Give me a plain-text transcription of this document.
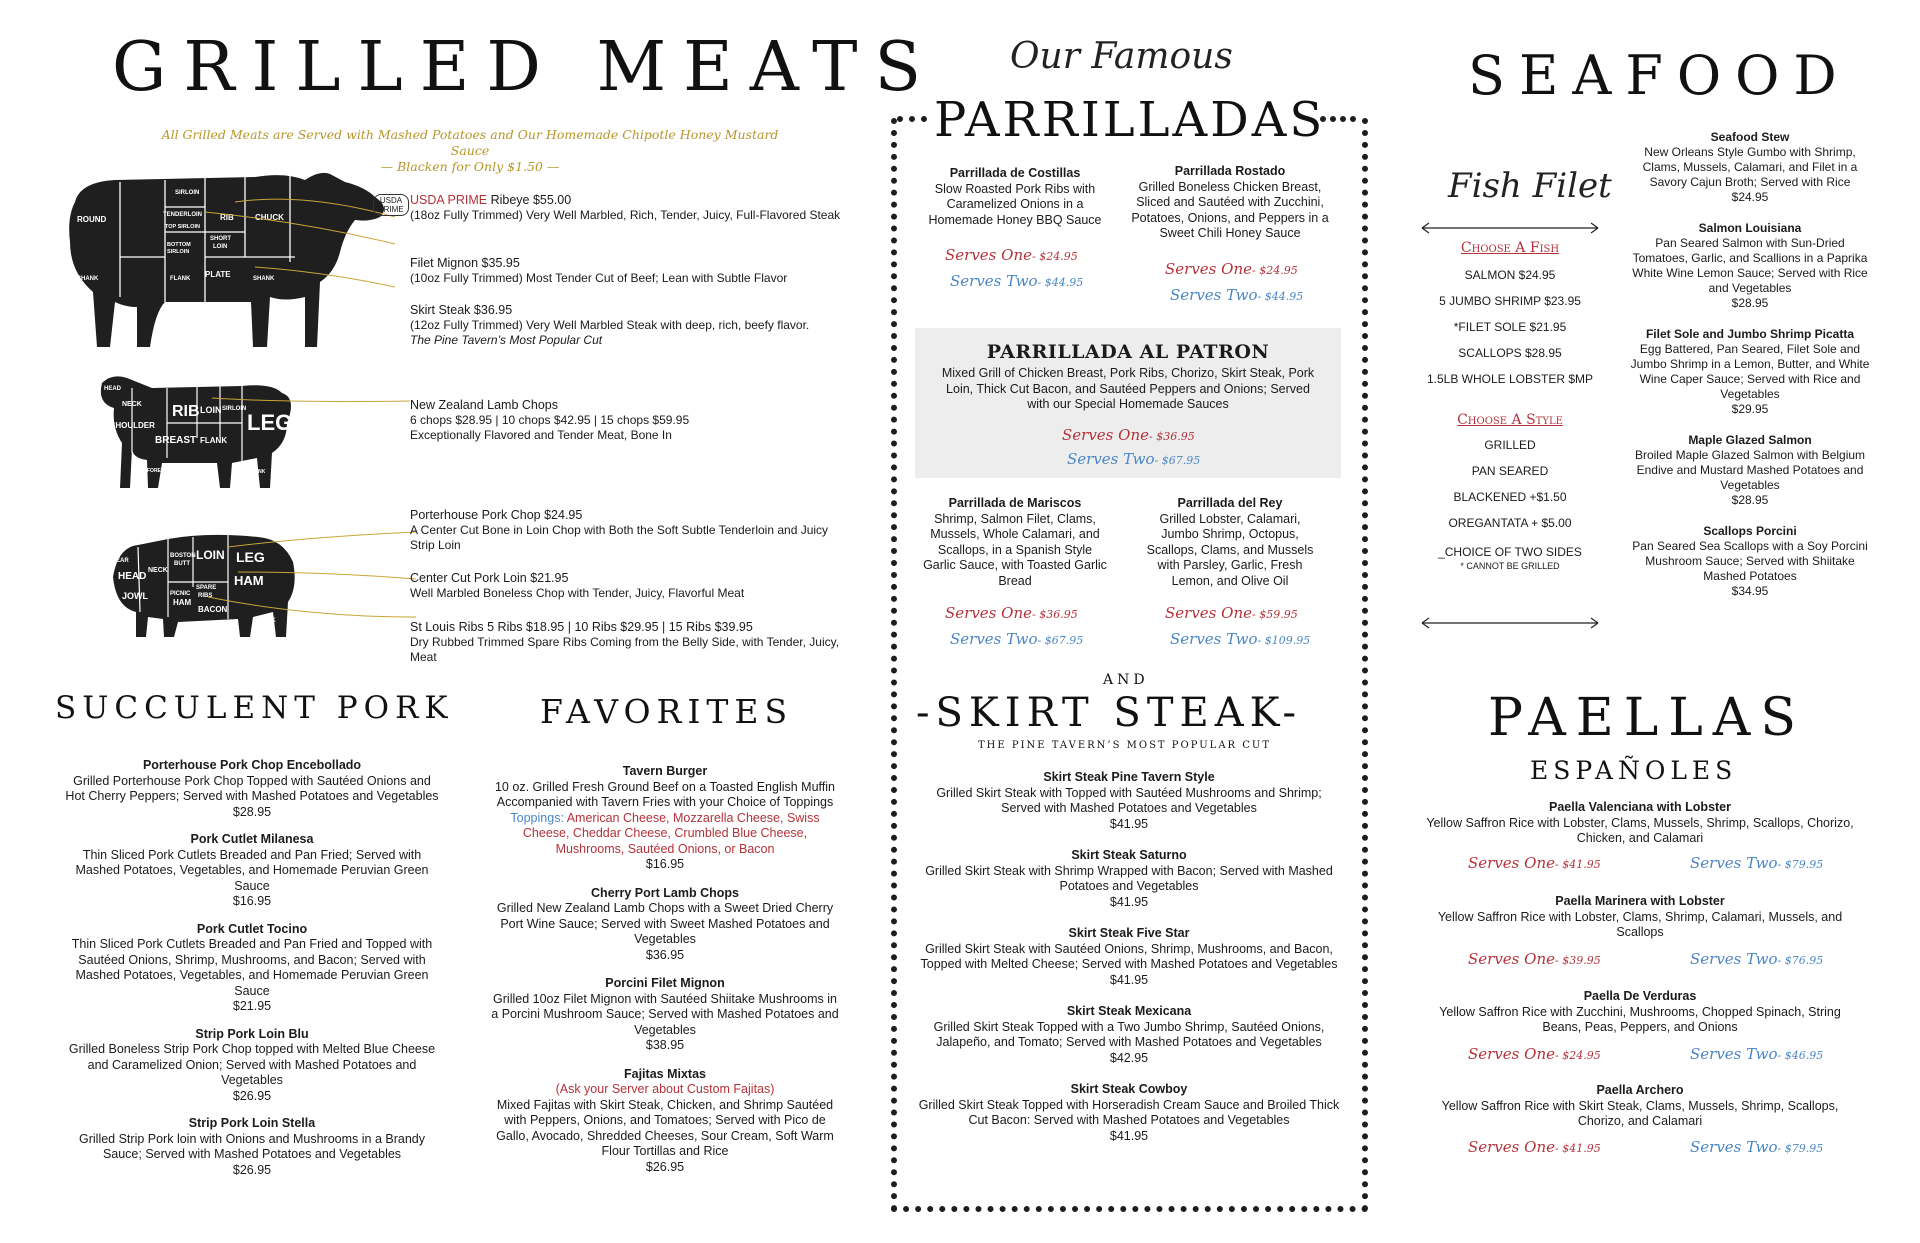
GRILLED MEATS
All Grilled Meats are Served with Mashed Potatoes and Our Homemade Chipotle Honey Mustard Sauce
— Blacken for Only $1.50 —
ROUND
SIRLOIN
TENDERLOIN
TOP SIRLOIN
BOTTOM
SIRLOIN
SHORT
LOIN
RIB	CHUCK
SHANK	FLANK PLATE	SHANK
USDA PRIME
HEAD
NECK
SHOULDER
RIB LOIN SIRLOIN
LEG
BREAST FLANK
FORE SHANK	HIND SHANK
EAR
HEAD
JOWL
NECK
BOSTON
BUTT
PICNIC
HAM
LOIN
SPARE
RIBS
BACON
LEG
HAM
HOCK
USDA PRIME Ribeye $55.00
(18oz Fully Trimmed) Very Well Marbled, Rich, Tender, Juicy, Full-Flavored Steak
Filet Mignon $35.95
(10oz Fully Trimmed) Most Tender Cut of Beef; Lean with Subtle Flavor
Skirt Steak $36.95
(12oz Fully Trimmed) Very Well Marbled Steak with deep, rich, beefy flavor.
The Pine Tavern’s Most Popular Cut
New Zealand Lamb Chops
6 chops $28.95 | 10 chops $42.95 | 15 chops $59.95
Exceptionally Flavored and Tender Meat, Bone In
Porterhouse Pork Chop $24.95
A Center Cut Bone in Loin Chop with Both the Soft Subtle Tenderloin and Juicy Strip Loin
Center Cut Pork Loin $21.95
Well Marbled Boneless Chop with Tender, Juicy, Flavorful Meat
St Louis Ribs 5 Ribs $18.95 | 10 Ribs $29.95 | 15 Ribs $39.95
Dry Rubbed Trimmed Spare Ribs Coming from the Belly Side, with Tender, Juicy, Meat
SUCCULENT PORK
Porterhouse Pork Chop Encebollado
Grilled Porterhouse Pork Chop Topped with Sautéed Onions and Hot Cherry Peppers; Served with Mashed Potatoes and Vegetables
$28.95
Pork Cutlet Milanesa
Thin Sliced Pork Cutlets Breaded and Pan Fried; Served with Mashed Potatoes, Vegetables, and Homemade Peruvian Green Sauce
$16.95
Pork Cutlet Tocino
Thin Sliced Pork Cutlets Breaded and Pan Fried and Topped with Sautéed Onions, Shrimp, Mushrooms, and Bacon; Served with Mashed Potatoes, Vegetables, and Homemade Peruvian Green Sauce
$21.95
Strip Pork Loin Blu
Grilled Boneless Strip Pork Chop topped with Melted Blue Cheese and Caramelized Onion; Served with Mashed Potatoes and Vegetables
$26.95
Strip Pork Loin Stella
Grilled Strip Pork loin with Onions and Mushrooms in a Brandy Sauce; Served with Mashed Potatoes and Vegetables
$26.95
FAVORITES
Tavern Burger
10 oz. Grilled Fresh Ground Beef on a Toasted English Muffin Accompanied with Tavern Fries with your Choice of Toppings
Toppings: American Cheese, Mozzarella Cheese, Swiss Cheese, Cheddar Cheese, Crumbled Blue Cheese, Mushrooms, Sautéed Onions, or Bacon
$16.95
Cherry Port Lamb Chops
Grilled New Zealand Lamb Chops with a Sweet Dried Cherry Port Wine Sauce; Served with Sweet Mashed Potatoes and Vegetables
$36.95
Porcini Filet Mignon
Grilled 10oz Filet Mignon with Sautéed Shiitake Mushrooms in a Porcini Mushroom Sauce; Served with Mashed Potatoes and Vegetables
$38.95
Fajitas Mixtas
(Ask your Server about Custom Fajitas)
Mixed Fajitas with Skirt Steak, Chicken, and Shrimp Sautéed with Peppers, Onions, and Tomatoes; Served with Pico de Gallo, Avocado, Shredded Cheeses, Sour Cream, Soft Warm Flour Tortillas and Rice
$26.95
Our Famous
PARRILLADAS
Parrillada de Costillas
Slow Roasted Pork Ribs with Caramelized Onions in a Homemade Honey BBQ Sauce
Serves One- $24.95
Serves Two- $44.95
Parrillada Rostado
Grilled Boneless Chicken Breast, Sliced and Sautéed with Zucchini, Potatoes, Onions, and Peppers in a Sweet Chili Honey Sauce
Serves One- $24.95
Serves Two- $44.95
PARRILLADA AL PATRON
Mixed Grill of Chicken Breast, Pork Ribs, Chorizo, Skirt Steak, Pork Loin, Thick Cut Bacon, and Sautéed Peppers and Onions; Served with our Special Homemade Sauces
Serves One- $36.95
Serves Two- $67.95
Parrillada de Mariscos
Shrimp, Salmon Filet, Clams, Mussels, Whole Calamari, and Scallops, in a Spanish Style Garlic Sauce, with Toasted Garlic Bread
Serves One- $36.95
Serves Two- $67.95
Parrillada del Rey
Grilled Lobster, Calamari, Jumbo Shrimp, Octopus, Scallops, Clams, and Mussels with Parsley, Garlic, Fresh Lemon, and Olive Oil
Serves One- $59.95
Serves Two- $109.95
AND
-SKIRT STEAK-
THE PINE TAVERN’S MOST POPULAR CUT
Skirt Steak Pine Tavern Style
Grilled Skirt Steak with Topped with Sautéed Mushrooms and Shrimp; Served with Mashed Potatoes and Vegetables
$41.95
Skirt Steak Saturno
Grilled Skirt Steak with Shrimp Wrapped with Bacon; Served with Mashed Potatoes and Vegetables
$41.95
Skirt Steak Five Star
Grilled Skirt Steak with Sautéed Onions, Shrimp, Mushrooms, and Bacon, Topped with Melted Cheese; Served with Mashed Potatoes and Vegetables
$41.95
Skirt Steak Mexicana
Grilled Skirt Steak Topped with a Two Jumbo Shrimp, Sautéed Onions, Jalapeño, and Tomato; Served with Mashed Potatoes and Vegetables
$42.95
Skirt Steak Cowboy
Grilled Skirt Steak Topped with Horseradish Cream Sauce and Broiled Thick Cut Bacon: Served with Mashed Potatoes and Vegetables
$41.95
SEAFOOD
Fish Filet
Choose A Fish
SALMON $24.95
5 JUMBO SHRIMP $23.95
*FILET SOLE $21.95
SCALLOPS $28.95
1.5LB WHOLE LOBSTER $MP
Choose A Style
GRILLED
PAN SEARED
BLACKENED +$1.50
OREGANTATA + $5.00
_CHOICE OF TWO SIDES
* CANNOT BE GRILLED
Seafood Stew
New Orleans Style Gumbo with Shrimp, Clams, Mussels, Calamari, and Filet in a Savory Cajun Broth; Served with Rice
$24.95
Salmon Louisiana
Pan Seared Salmon with Sun-Dried Tomatoes, Garlic, and Scallions in a Paprika White Wine Lemon Sauce; Served with Rice and Vegetables
$28.95
Filet Sole and Jumbo Shrimp Picatta
Egg Battered, Pan Seared, Filet Sole and Jumbo Shrimp in a Lemon, Butter, and White Wine Caper Sauce; Served with Rice and Vegetables
$29.95
Maple Glazed Salmon
Broiled Maple Glazed Salmon with Belgium Endive and Mustard Mashed Potatoes and Vegetables
$28.95
Scallops Porcini
Pan Seared Sea Scallops with a Soy Porcini Mushroom Sauce; Served with Shiitake Mashed Potatoes
$34.95
PAELLAS
ESPAÑOLES
Paella Valenciana with Lobster
Yellow Saffron Rice with Lobster, Clams, Mussels, Shrimp, Scallops, Chorizo, Chicken, and Calamari
Serves One- $41.95	Serves Two- $79.95
Paella Marinera with Lobster
Yellow Saffron Rice with Lobster, Clams, Shrimp, Calamari, Mussels, and Scallops
Serves One- $39.95	Serves Two- $76.95
Paella De Verduras
Yellow Saffron Rice with Zucchini, Mushrooms, Chopped Spinach, String Beans, Peas, Peppers, and Onions
Serves One- $24.95	Serves Two- $46.95
Paella Archero
Yellow Saffron Rice with Skirt Steak, Clams, Mussels, Shrimp, Scallops, Chorizo, and Calamari
Serves One- $41.95	Serves Two- $79.95
